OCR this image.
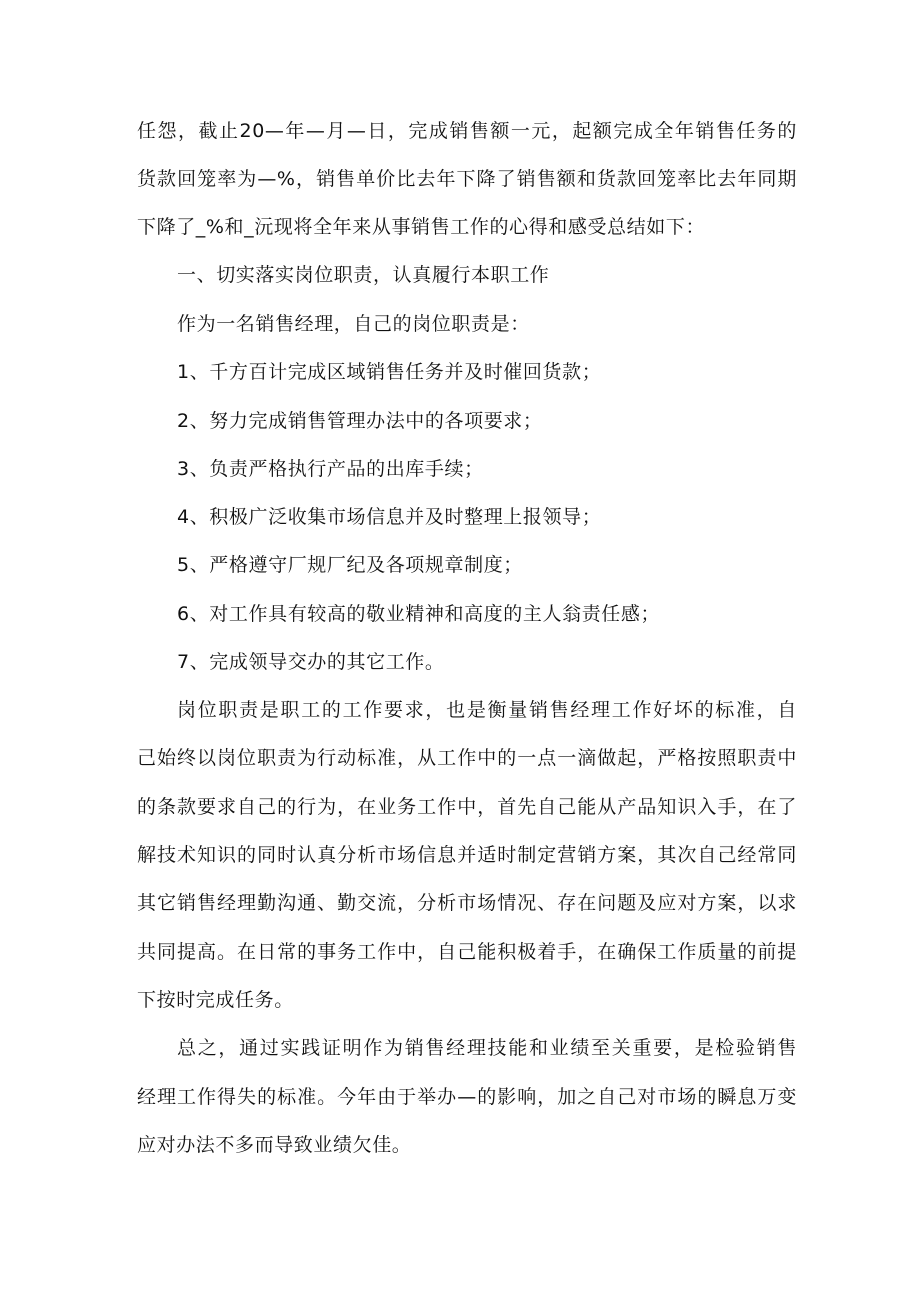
任怨，截止20—年—月—日，完成销售额一元，起额完成全年销售任务的
货款回笼率为—%，销售单价比去年下降了销售额和货款回笼率比去年同期
下降了_%和_沅现将全年来从事销售工作的心得和感受总结如下：
一、切实落实岗位职责，认真履行本职工作
作为一名销售经理，自己的岗位职责是：
1、千方百计完成区域销售任务并及时催回货款；
2、努力完成销售管理办法中的各项要求；
3、负责严格执行产品的出库手续；
4、积极广泛收集市场信息并及时整理上报领导；
5、严格遵守厂规厂纪及各项规章制度；
6、对工作具有较高的敬业精神和高度的主人翁责任感；
7、完成领导交办的其它工作。
岗位职责是职工的工作要求，也是衡量销售经理工作好坏的标准，自
己始终以岗位职责为行动标准，从工作中的一点一滴做起，严格按照职责中
的条款要求自己的行为，在业务工作中，首先自己能从产品知识入手，在了
解技术知识的同时认真分析市场信息并适时制定营销方案，其次自己经常同
其它销售经理勤沟通、勤交流，分析市场情况、存在问题及应对方案，以求
共同提高。在日常的事务工作中，自己能积极着手，在确保工作质量的前提
下按时完成任务。
总之，通过实践证明作为销售经理技能和业绩至关重要，是检验销售
经理工作得失的标准。今年由于举办—的影响，加之自己对市场的瞬息万变
应对办法不多而导致业绩欠佳。
